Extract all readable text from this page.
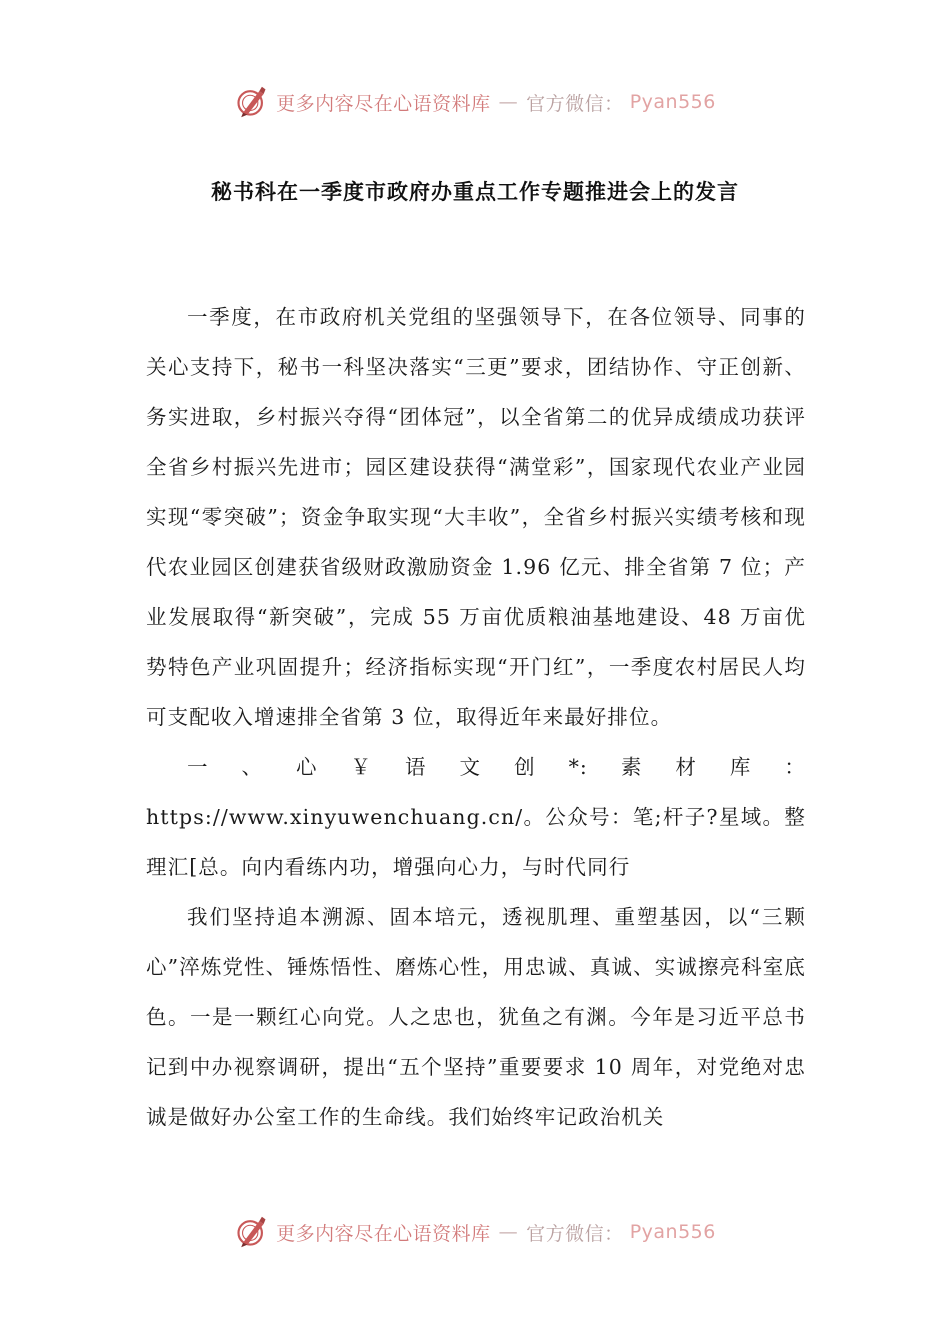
更多内容尽在心语资料库 — 官方微信： Pyan556
秘书科在一季度市政府办重点工作专题推进会上的发言

一季度，在市政府机关党组的坚强领导下，在各位领导、同事的关心支持下，秘书一科坚决落实“三更”要求，团结协作、守正创新、务实进取，乡村振兴夺得“团体冠”，以全省第二的优异成绩成功获评全省乡村振兴先进市；园区建设获得“满堂彩”，国家现代农业产业园实现“零突破”；资金争取实现“大丰收”，全省乡村振兴实绩考核和现代农业园区创建获省级财政激励资金 1.96 亿元、排全省第 7 位；产业发展取得“新突破”，完成 55 万亩优质粮油基地建设、48 万亩优势特色产业巩固提升；经济指标实现“开门红”，一季度农村居民人均可支配收入增速排全省第 3 位，取得近年来最好排位。

一、心￥语文创*:素材库：https://www.xinyuwenchuang.cn/。公众号：笔;杆子?星域。整理汇[总。向内看练内功，增强向心力，与时代同行

我们坚持追本溯源、固本培元，透视肌理、重塑基因，以“三颗心”淬炼党性、锤炼悟性、磨炼心性，用忠诚、真诚、实诚擦亮科室底色。一是一颗红心向党。人之忠也，犹鱼之有渊。今年是习近平总书记到中办视察调研，提出“五个坚持”重要要求 10 周年，对党绝对忠诚是做好办公室工作的生命线。我们始终牢记政治机关

更多内容尽在心语资料库 — 官方微信： Pyan556
